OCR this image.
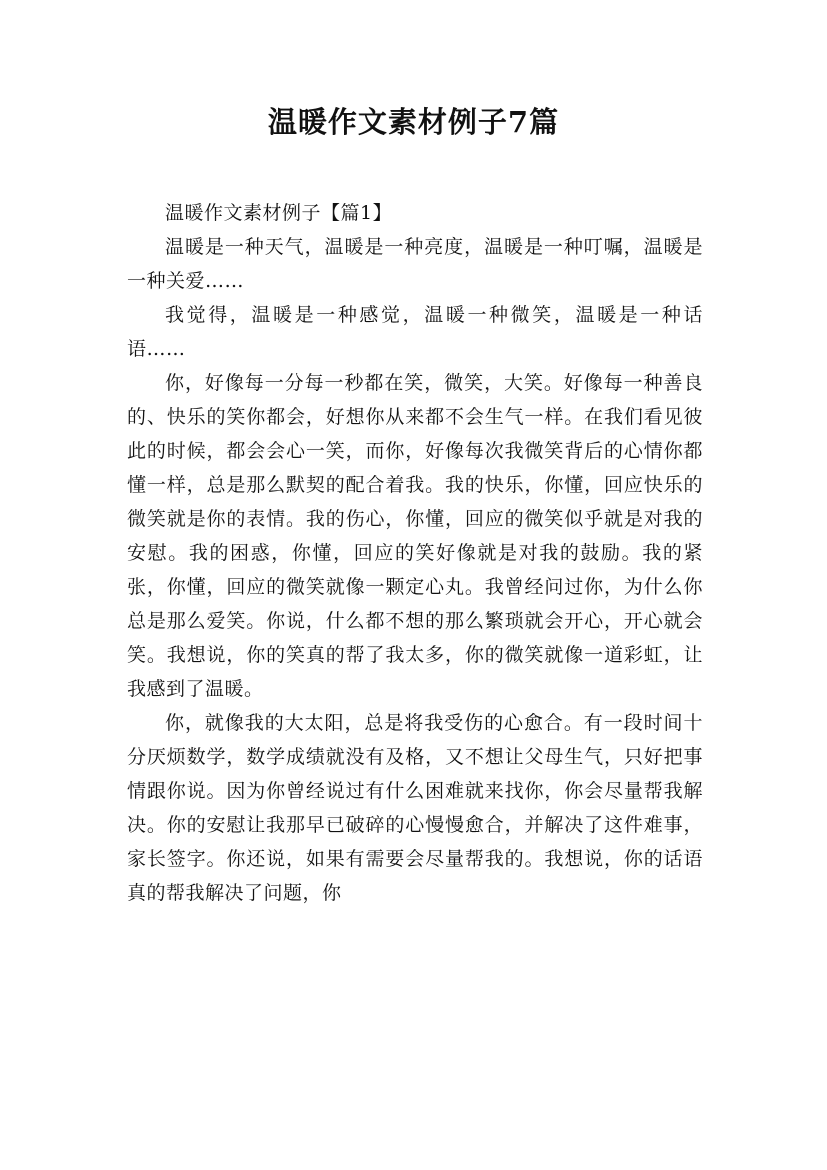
温暖作文素材例子7篇

温暖作文素材例子【篇1】

温暖是一种天气，温暖是一种亮度，温暖是一种叮嘱，温暖是一种关爱……

我觉得，温暖是一种感觉，温暖一种微笑，温暖是一种话语……

你，好像每一分每一秒都在笑，微笑，大笑。好像每一种善良的、快乐的笑你都会，好想你从来都不会生气一样。在我们看见彼此的时候，都会会心一笑，而你，好像每次我微笑背后的心情你都懂一样，总是那么默契的配合着我。我的快乐，你懂，回应快乐的微笑就是你的表情。我的伤心，你懂，回应的微笑似乎就是对我的安慰。我的困惑，你懂，回应的笑好像就是对我的鼓励。我的紧张，你懂，回应的微笑就像一颗定心丸。我曾经问过你，为什么你总是那么爱笑。你说，什么都不想的那么繁琐就会开心，开心就会笑。我想说，你的笑真的帮了我太多，你的微笑就像一道彩虹，让我感到了温暖。

你，就像我的大太阳，总是将我受伤的心愈合。有一段时间十分厌烦数学，数学成绩就没有及格，又不想让父母生气，只好把事情跟你说。因为你曾经说过有什么困难就来找你，你会尽量帮我解决。你的安慰让我那早已破碎的心慢慢愈合，并解决了这件难事，家长签字。你还说，如果有需要会尽量帮我的。我想说，你的话语真的帮我解决了问题，你
